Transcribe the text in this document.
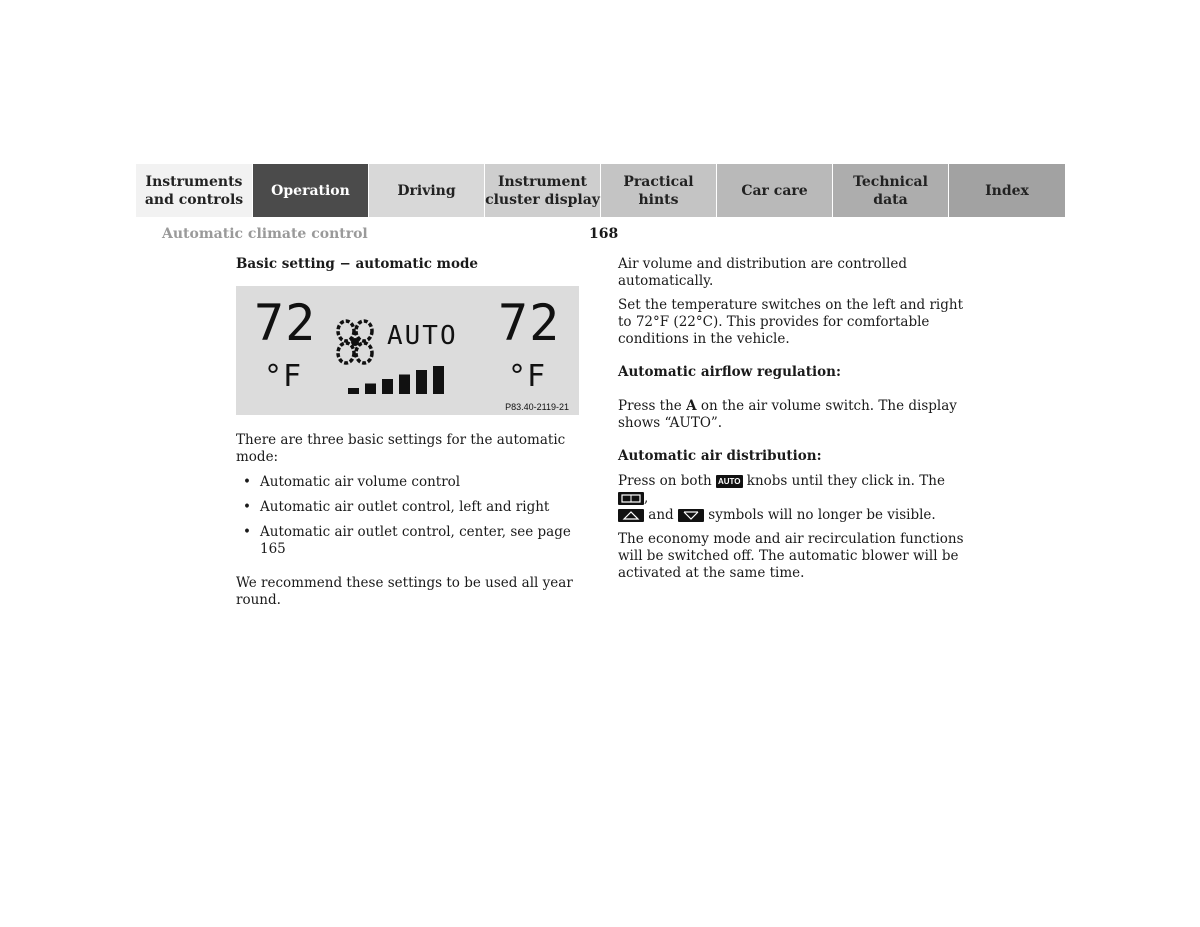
Instruments
and controls
Operation	Driving
Instrument
cluster display
Practical hints
Car care
Technical
data
Index
Automatic climate control	168

Basic setting − automatic mode

72
°F
AUTO 72
°F
P83.40-2119-21

There are three basic settings for the automatic mode:

• Automatic air volume control
• Automatic air outlet control, left and right
• Automatic air outlet control, center, see page 165

We recommend these settings to be used all year round.

Air volume and distribution are controlled automatically.

Set the temperature switches on the left and right to 72°F (22°C). This provides for comfortable conditions in the vehicle.

Automatic airflow regulation:

Press the A on the air volume switch. The display shows “AUTO”.

Automatic air distribution:

Press on both AUTO knobs until they click in. The
,

and
symbols will no longer be visible.

The economy mode and air recirculation functions will be switched off. The automatic blower will be activated at the same time.
